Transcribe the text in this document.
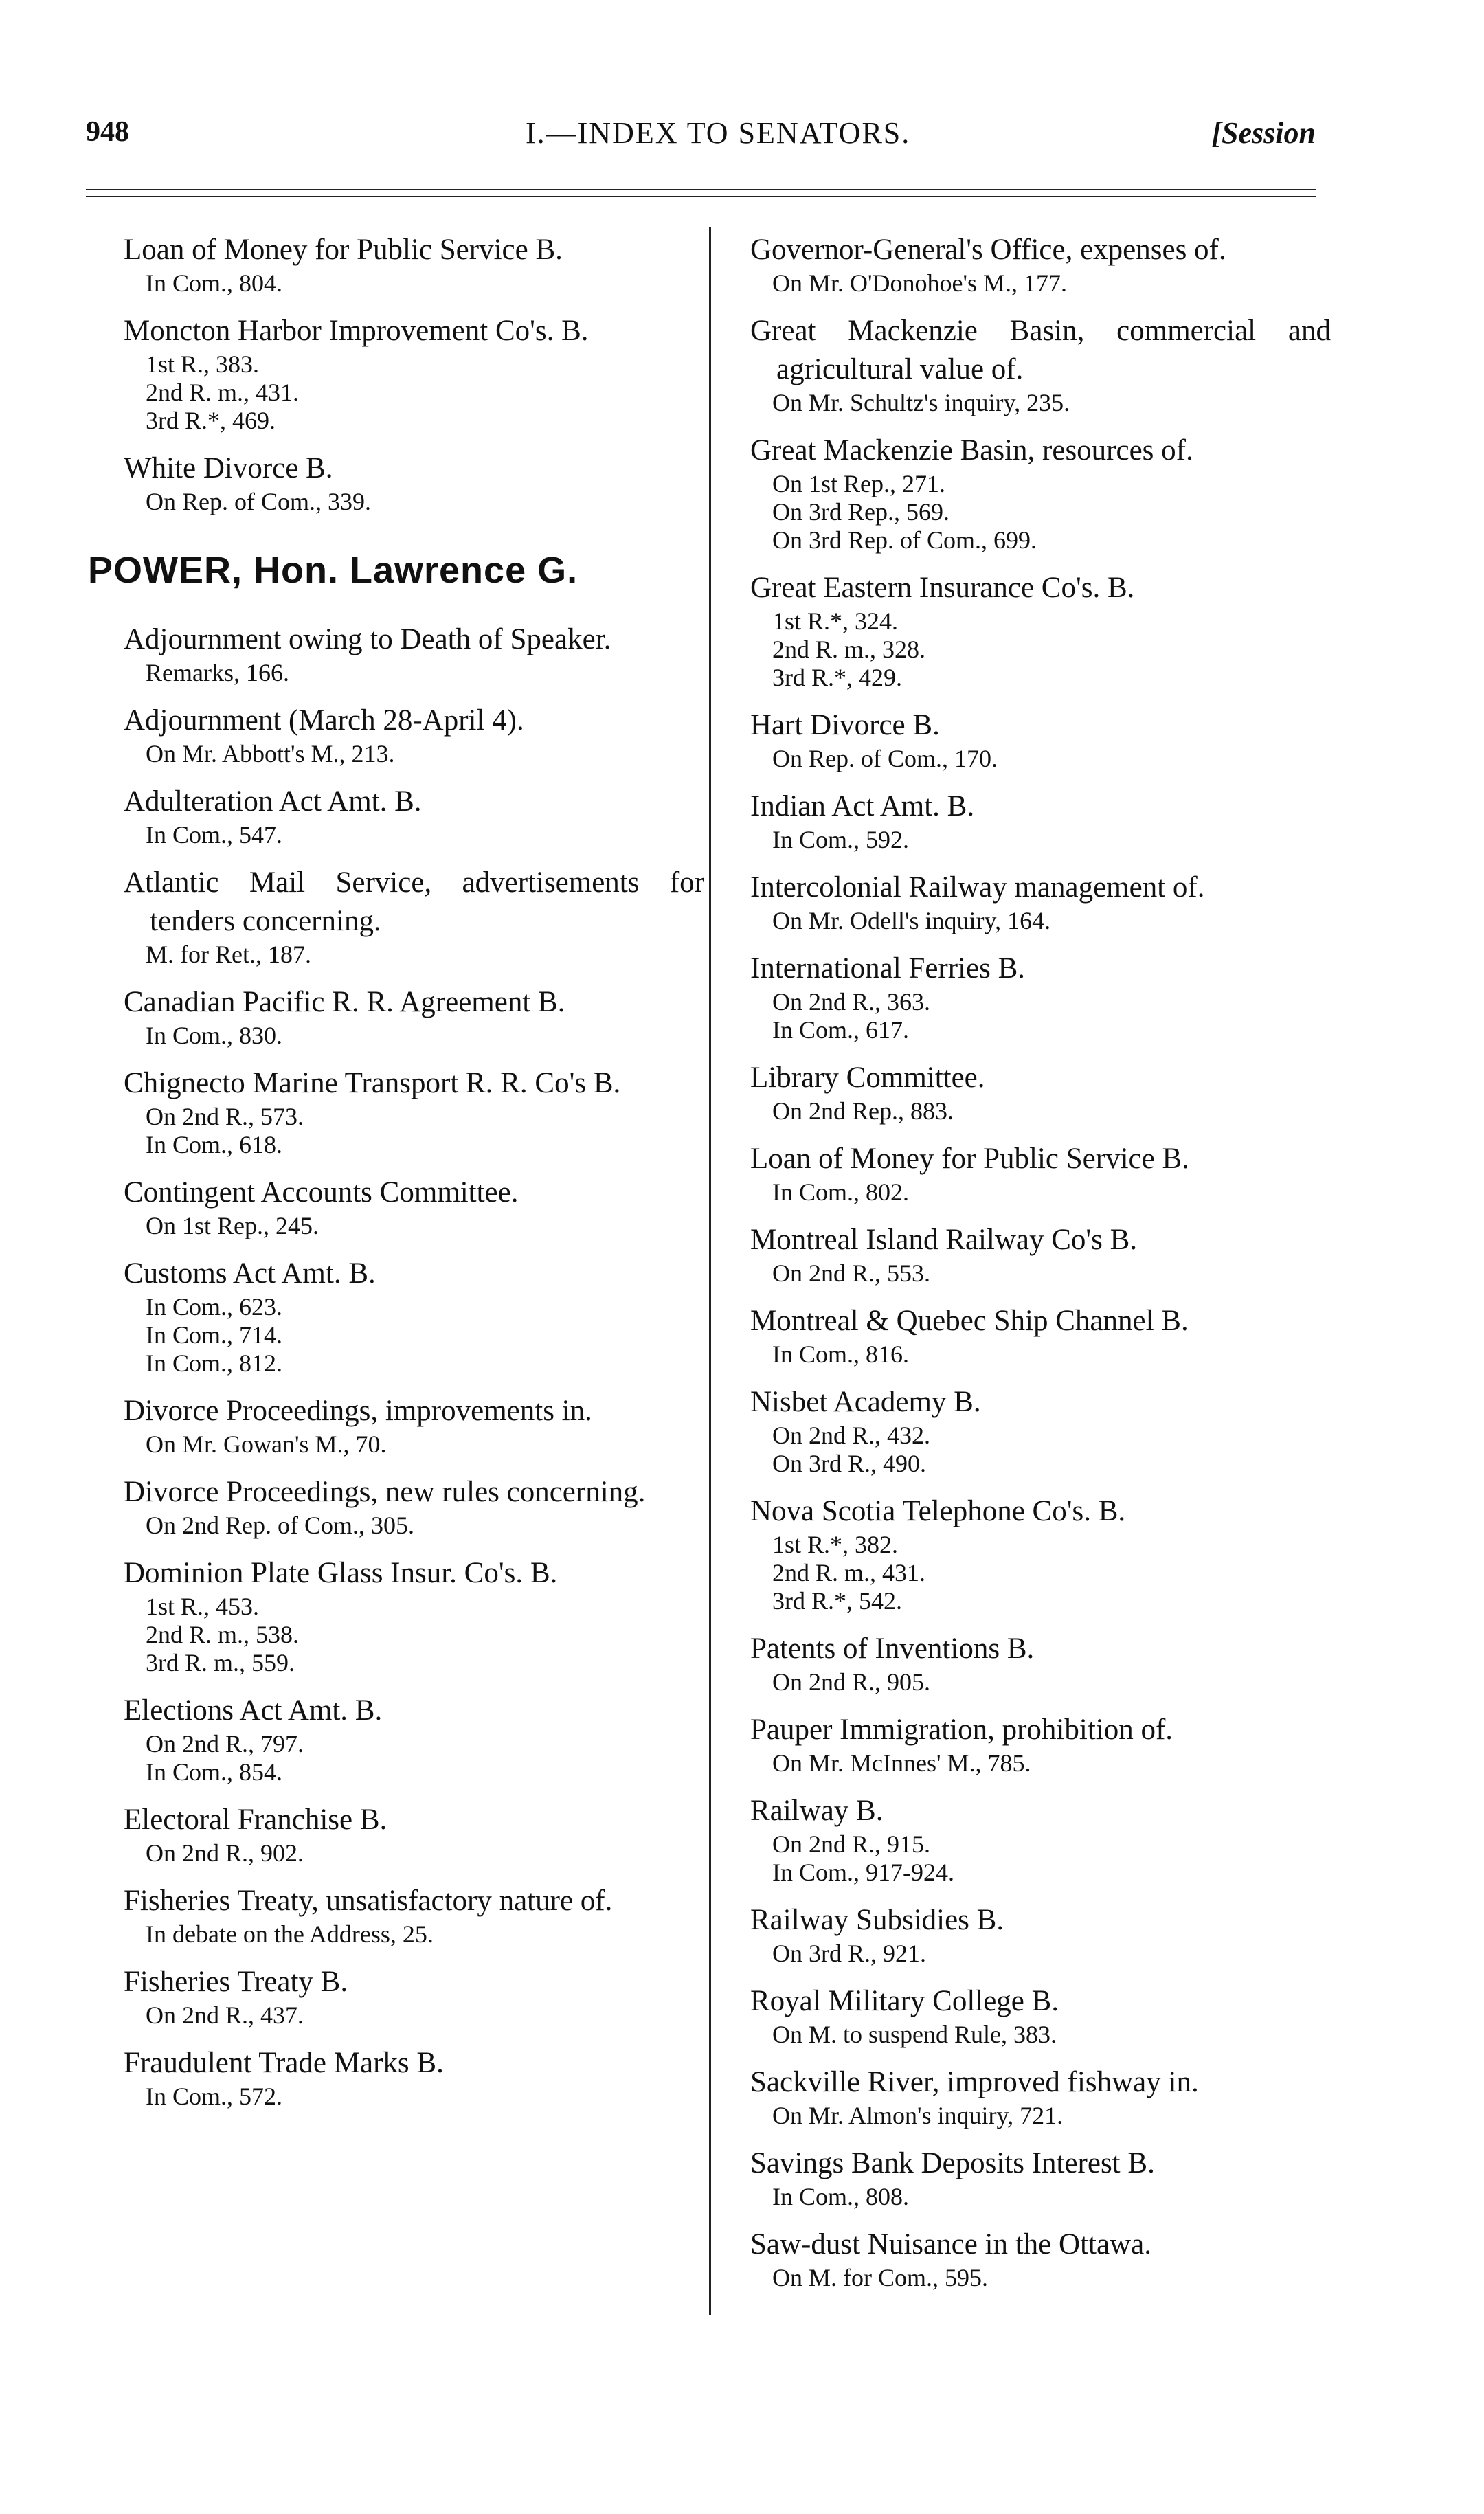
948	I.—INDEX TO SENATORS.	[Session
Loan of Money for Public Service B.
In Com., 804.
Moncton Harbor Improvement Co's. B.
1st R., 383.
2nd R. m., 431.
3rd R.*, 469.
White Divorce B.
On Rep. of Com., 339.
POWER, Hon. Lawrence G.
Adjournment owing to Death of Speaker.
Remarks, 166.
Adjournment (March 28-April 4).
On Mr. Abbott's M., 213.
Adulteration Act Amt. B.
In Com., 547.
Atlantic Mail Service, advertisements for tenders concerning.
M. for Ret., 187.
Canadian Pacific R. R. Agreement B.
In Com., 830.
Chignecto Marine Transport R. R. Co's B.
On 2nd R., 573.
In Com., 618.
Contingent Accounts Committee.
On 1st Rep., 245.
Customs Act Amt. B.
In Com., 623.
In Com., 714.
In Com., 812.
Divorce Proceedings, improvements in.
On Mr. Gowan's M., 70.
Divorce Proceedings, new rules concerning.
On 2nd Rep. of Com., 305.
Dominion Plate Glass Insur. Co's. B.
1st R., 453.
2nd R. m., 538.
3rd R. m., 559.
Elections Act Amt. B.
On 2nd R., 797.
In Com., 854.
Electoral Franchise B.
On 2nd R., 902.
Fisheries Treaty, unsatisfactory nature of.
In debate on the Address, 25.
Fisheries Treaty B.
On 2nd R., 437.
Fraudulent Trade Marks B.
In Com., 572.
Governor-General's Office, expenses of.
On Mr. O'Donohoe's M., 177.
Great Mackenzie Basin, commercial and agricultural value of.
On Mr. Schultz's inquiry, 235.
Great Mackenzie Basin, resources of.
On 1st Rep., 271.
On 3rd Rep., 569.
On 3rd Rep. of Com., 699.
Great Eastern Insurance Co's. B.
1st R.*, 324.
2nd R. m., 328.
3rd R.*, 429.
Hart Divorce B.
On Rep. of Com., 170.
Indian Act Amt. B.
In Com., 592.
Intercolonial Railway management of.
On Mr. Odell's inquiry, 164.
International Ferries B.
On 2nd R., 363.
In Com., 617.
Library Committee.
On 2nd Rep., 883.
Loan of Money for Public Service B.
In Com., 802.
Montreal Island Railway Co's B.
On 2nd R., 553.
Montreal & Quebec Ship Channel B.
In Com., 816.
Nisbet Academy B.
On 2nd R., 432.
On 3rd R., 490.
Nova Scotia Telephone Co's. B.
1st R.*, 382.
2nd R. m., 431.
3rd R.*, 542.
Patents of Inventions B.
On 2nd R., 905.
Pauper Immigration, prohibition of.
On Mr. McInnes' M., 785.
Railway B.
On 2nd R., 915.
In Com., 917-924.
Railway Subsidies B.
On 3rd R., 921.
Royal Military College B.
On M. to suspend Rule, 383.
Sackville River, improved fishway in.
On Mr. Almon's inquiry, 721.
Savings Bank Deposits Interest B.
In Com., 808.
Saw-dust Nuisance in the Ottawa.
On M. for Com., 595.
